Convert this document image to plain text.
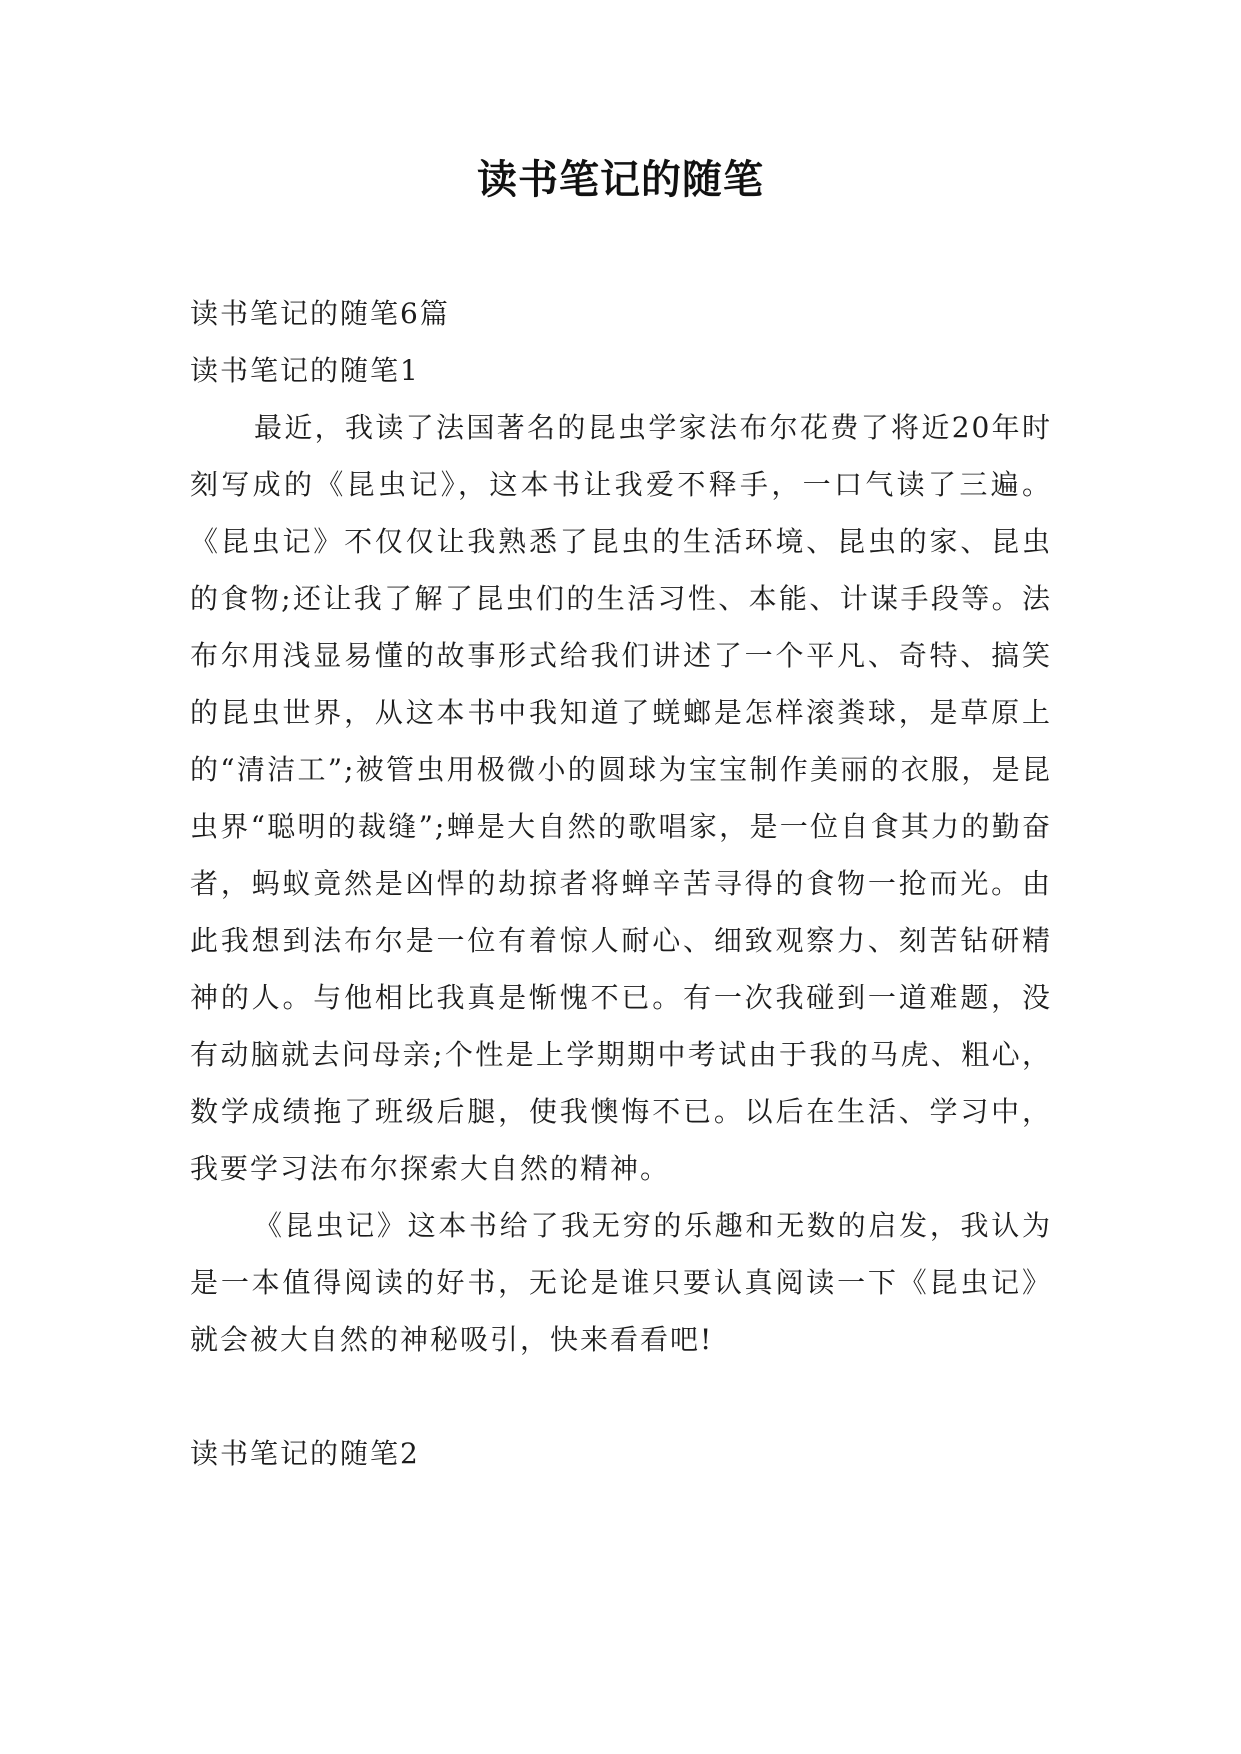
读书笔记的随笔

读书笔记的随笔6篇

读书笔记的随笔1

最近，我读了法国著名的昆虫学家法布尔花费了将近20年时刻写成的《昆虫记》，这本书让我爱不释手，一口气读了三遍。《昆虫记》不仅仅让我熟悉了昆虫的生活环境、昆虫的家、昆虫的食物;还让我了解了昆虫们的生活习性、本能、计谋手段等。法布尔用浅显易懂的故事形式给我们讲述了一个平凡、奇特、搞笑的昆虫世界，从这本书中我知道了蜣螂是怎样滚粪球，是草原上的“清洁工”;被管虫用极微小的圆球为宝宝制作美丽的衣服，是昆虫界“聪明的裁缝”;蝉是大自然的歌唱家，是一位自食其力的勤奋者，蚂蚁竟然是凶悍的劫掠者将蝉辛苦寻得的食物一抢而光。由此我想到法布尔是一位有着惊人耐心、细致观察力、刻苦钻研精神的人。与他相比我真是惭愧不已。有一次我碰到一道难题，没有动脑就去问母亲;个性是上学期期中考试由于我的马虎、粗心，数学成绩拖了班级后腿，使我懊悔不已。以后在生活、学习中，我要学习法布尔探索大自然的精神。

《昆虫记》这本书给了我无穷的乐趣和无数的启发，我认为是一本值得阅读的好书，无论是谁只要认真阅读一下《昆虫记》就会被大自然的神秘吸引，快来看看吧!

读书笔记的随笔2
